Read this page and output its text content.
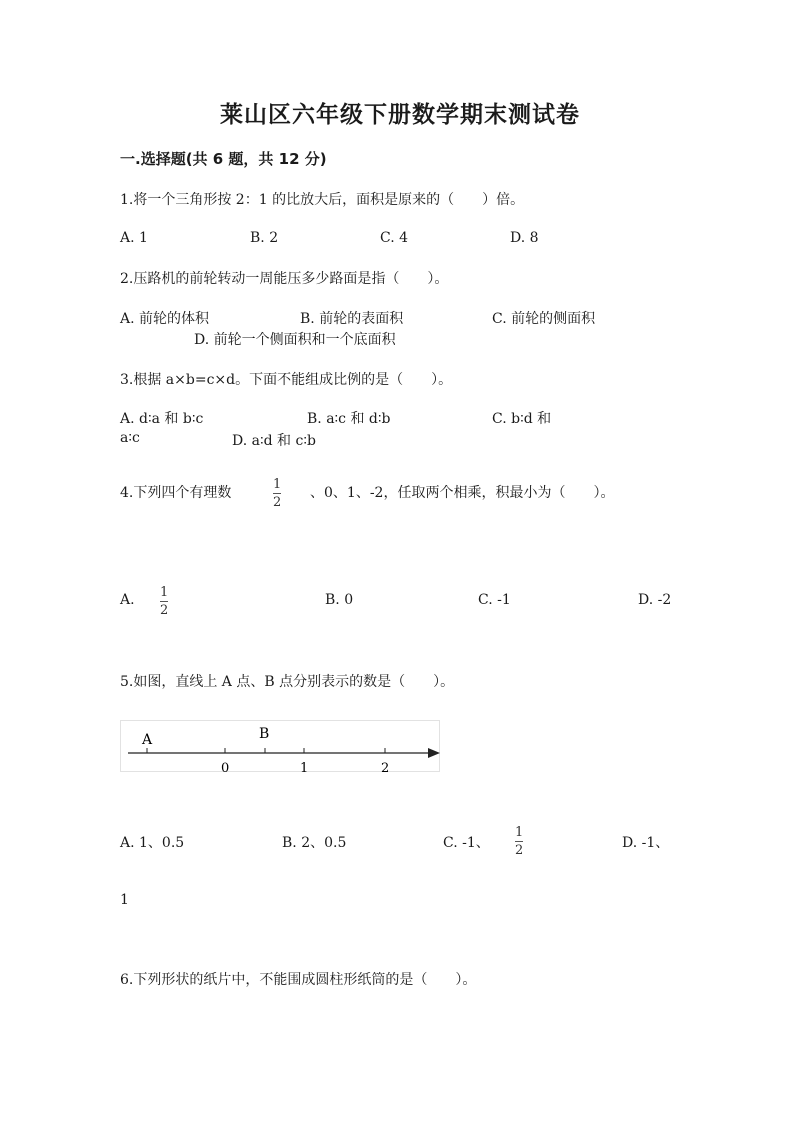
莱山区六年级下册数学期末测试卷
一.选择题(共 6 题，共 12 分)
1.将一个三角形按 2：1 的比放大后，面积是原来的（　　）倍。
A. 1	B. 2	C. 4	D. 8
2.压路机的前轮转动一周能压多少路面是指（　　）。
A. 前轮的体积	B. 前轮的表面积	C. 前轮的侧面积
D. 前轮一个侧面积和一个底面积
3.根据 a×b=c×d。下面不能组成比例的是（　　）。
A. d∶a 和 b∶c	B. a∶c 和 d∶b	C. b∶d 和
a∶c	D. a∶d 和 c∶b
4.下列四个有理数
1
2
、0、1、-2，任取两个相乘，积最小为（　　）。
A. 1
2
B. 0	C. -1	D. -2
5.如图，直线上 A 点、B 点分别表示的数是（　　）。
A	B
0	1	2
A. 1、0.5	B. 2、0.5	C. -1、
1
2	D. -1、
1
6.下列形状的纸片中，不能围成圆柱形纸筒的是（　　）。
